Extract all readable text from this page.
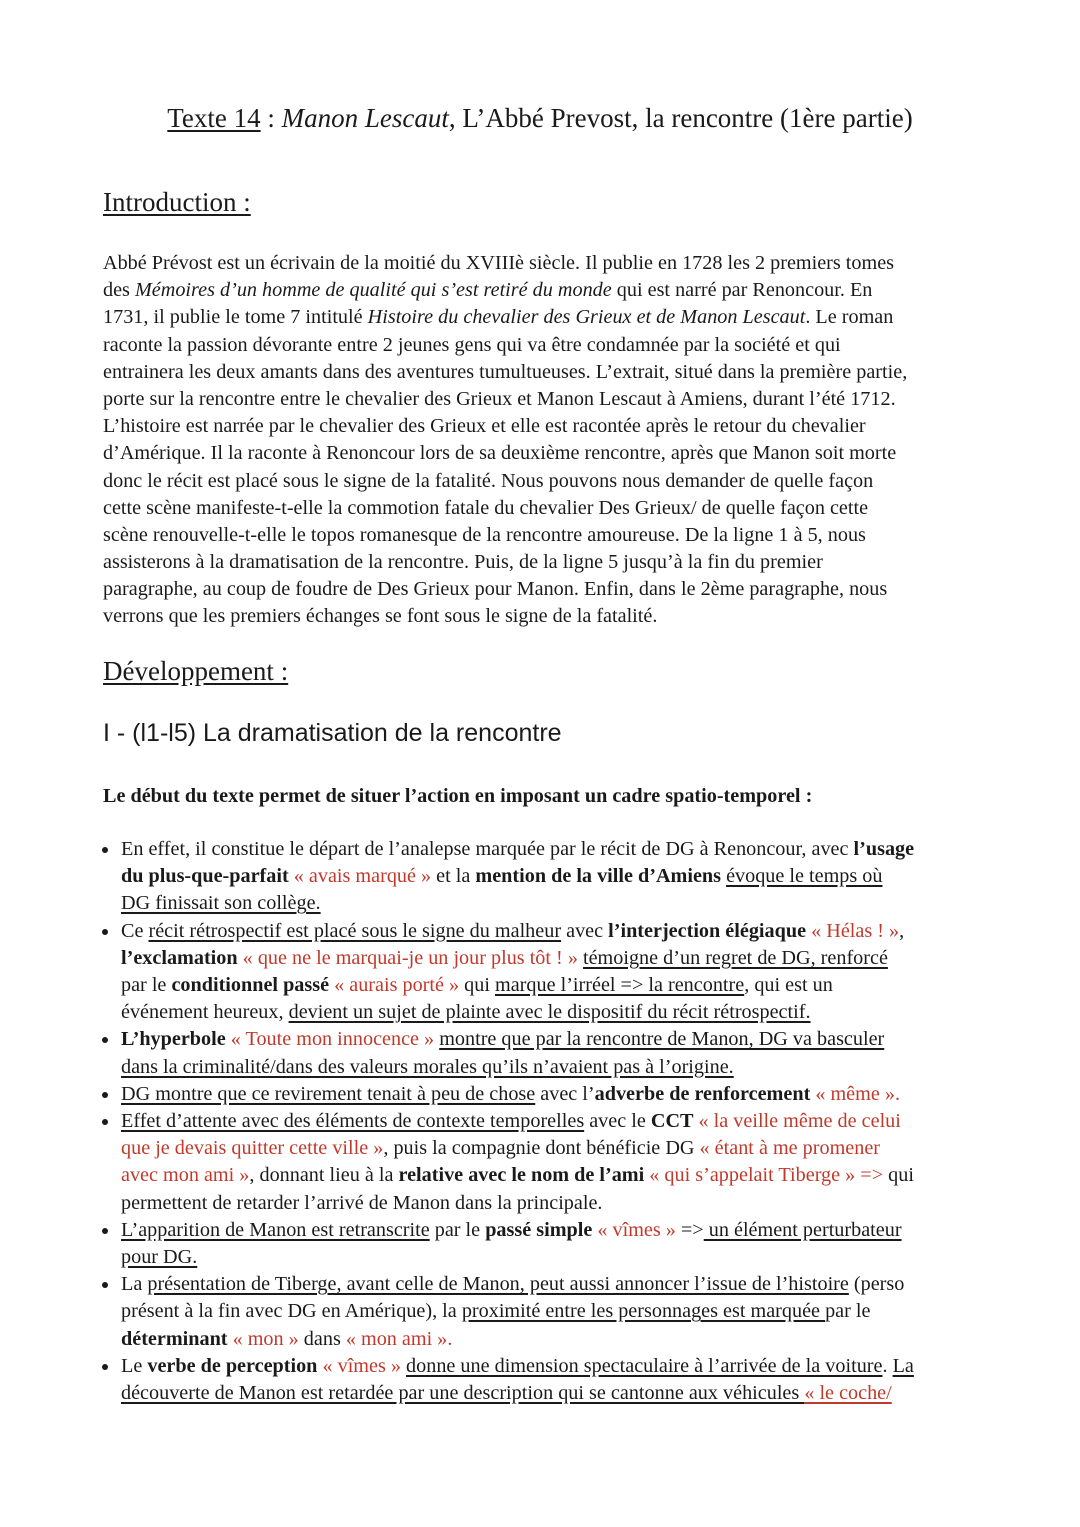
Texte 14 : Manon Lescaut, L’Abbé Prevost, la rencontre (1ère partie)
Introduction :
Abbé Prévost est un écrivain de la moitié du XVIIIè siècle. Il publie en 1728 les 2 premiers tomes
des Mémoires d’un homme de qualité qui s’est retiré du monde qui est narré par Renoncour. En
1731, il publie le tome 7 intitulé Histoire du chevalier des Grieux et de Manon Lescaut. Le roman
raconte la passion dévorante entre 2 jeunes gens qui va être condamnée par la société et qui
entrainera les deux amants dans des aventures tumultueuses. L’extrait, situé dans la première partie,
porte sur la rencontre entre le chevalier des Grieux et Manon Lescaut à Amiens, durant l’été 1712.
L’histoire est narrée par le chevalier des Grieux et elle est racontée après le retour du chevalier
d’Amérique. Il la raconte à Renoncour lors de sa deuxième rencontre, après que Manon soit morte
donc le récit est placé sous le signe de la fatalité. Nous pouvons nous demander de quelle façon
cette scène manifeste-t-elle la commotion fatale du chevalier Des Grieux/ de quelle façon cette
scène renouvelle-t-elle le topos romanesque de la rencontre amoureuse. De la ligne 1 à 5, nous
assisterons à la dramatisation de la rencontre. Puis, de la ligne 5 jusqu’à la fin du premier
paragraphe, au coup de foudre de Des Grieux pour Manon. Enfin, dans le 2ème paragraphe, nous
verrons que les premiers échanges se font sous le signe de la fatalité.
Développement :
I - (l1-l5) La dramatisation de la rencontre
Le début du texte permet de situer l’action en imposant un cadre spatio-temporel :
En effet, il constitue le départ de l’analepse marquée par le récit de DG à Renoncour, avec l’usage
du plus-que-parfait « avais marqué » et la mention de la ville d’Amiens évoque le temps où
DG finissait son collège.
Ce récit rétrospectif est placé sous le signe du malheur avec l’interjection élégiaque « Hélas ! »,
l’exclamation « que ne le marquai-je un jour plus tôt ! » témoigne d’un regret de DG, renforcé
par le conditionnel passé « aurais porté » qui marque l’irréel => la rencontre, qui est un
événement heureux, devient un sujet de plainte avec le dispositif du récit rétrospectif.
L’hyperbole « Toute mon innocence » montre que par la rencontre de Manon, DG va basculer
dans la criminalité/dans des valeurs morales qu’ils n’avaient pas à l’origine.
DG montre que ce revirement tenait à peu de chose avec l’adverbe de renforcement « même ».
Effet d’attente avec des éléments de contexte temporelles avec le CCT « la veille même de celui
que je devais quitter cette ville », puis la compagnie dont bénéficie DG « étant à me promener
avec mon ami », donnant lieu à la relative avec le nom de l’ami « qui s’appelait Tiberge » => qui
permettent de retarder l’arrivé de Manon dans la principale.
L’apparition de Manon est retranscrite par le passé simple « vîmes » => un élément perturbateur
pour DG.
La présentation de Tiberge, avant celle de Manon, peut aussi annoncer l’issue de l’histoire (perso
présent à la fin avec DG en Amérique), la proximité entre les personnages est marquée par le
déterminant « mon » dans « mon ami ».
Le verbe de perception « vîmes » donne une dimension spectaculaire à l’arrivée de la voiture. La
découverte de Manon est retardée par une description qui se cantonne aux véhicules « le coche/
